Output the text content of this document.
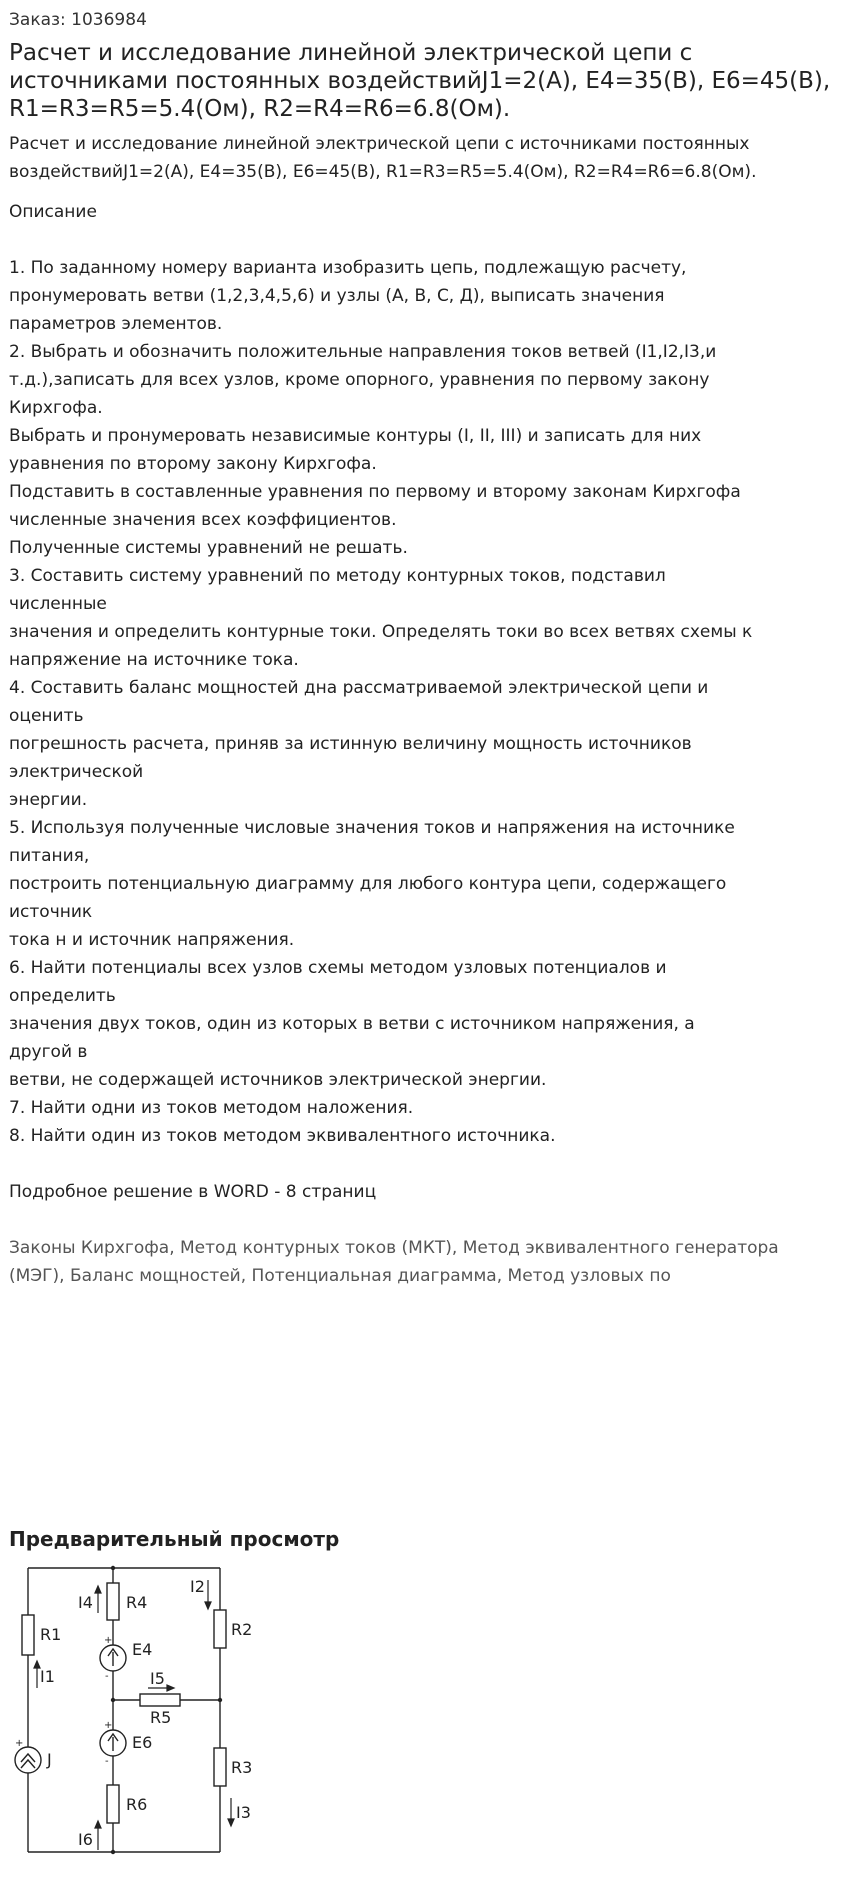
Заказ: 1036984
Расчет и исследование линейной электрической цепи с источниками постоянных воздействийJ1=2(A), E4=35(B), E6=45(B), R1=R3=R5=5.4(Ом), R2=R4=R6=6.8(Ом).
Расчет и исследование линейной электрической цепи с источниками постоянных воздействийJ1=2(A), E4=35(B), E6=45(B), R1=R3=R5=5.4(Ом), R2=R4=R6=6.8(Ом).
Описание
1. По заданному номеру варианта изобразить цепь, подлежащую расчету,
пронумеровать ветви (1,2,3,4,5,6) и узлы (А, В, С, Д), выписать значения
параметров элементов.
2. Выбрать и обозначить положительные направления токов ветвей (I1,I2,I3,и
т.д.),записать для всех узлов, кроме опорного, уравнения по первому закону
Кирхгофа.
Выбрать и пронумеровать независимые контуры (I, II, III) и записать для них
уравнения по второму закону Кирхгофа.
Подставить в составленные уравнения по первому и второму законам Кирхгофа
численные значения всех коэффициентов.
Полученные системы уравнений не решать.
3. Составить систему уравнений по методу контурных токов, подставил
численные
значения и определить контурные токи. Определять токи во всех ветвях схемы к
напряжение на источнике тока.
4. Составить баланс мощностей дна рассматриваемой электрической цепи и
оценить
погрешность расчета, приняв за истинную величину мощность источников
электрической
энергии.
5. Используя полученные числовые значения токов и напряжения на источнике
питания,
построить потенциальную диаграмму для любого контура цепи, содержащего
источник
тока н и источник напряжения.
6. Найти потенциалы всех узлов схемы методом узловых потенциалов и
определить
значения двух токов, один из которых в ветви с источником напряжения, а
другой в
ветви, не содержащей источников электрической энергии.
7. Найти одни из токов методом наложения.
8. Найти один из токов методом эквивалентного источника.
Подробное решение в WORD - 8 страниц
Законы Кирхгофа, Метод контурных токов (МКТ), Метод эквивалентного генератора (МЭГ), Баланс мощностей, Потенциальная диаграмма, Метод узловых по
Предварительный просмотр
R1
R4
R2
R3
R6
R5
E4
E6
J
I4
I1
I6
I2
I3
I5
+
-
+
-
+
